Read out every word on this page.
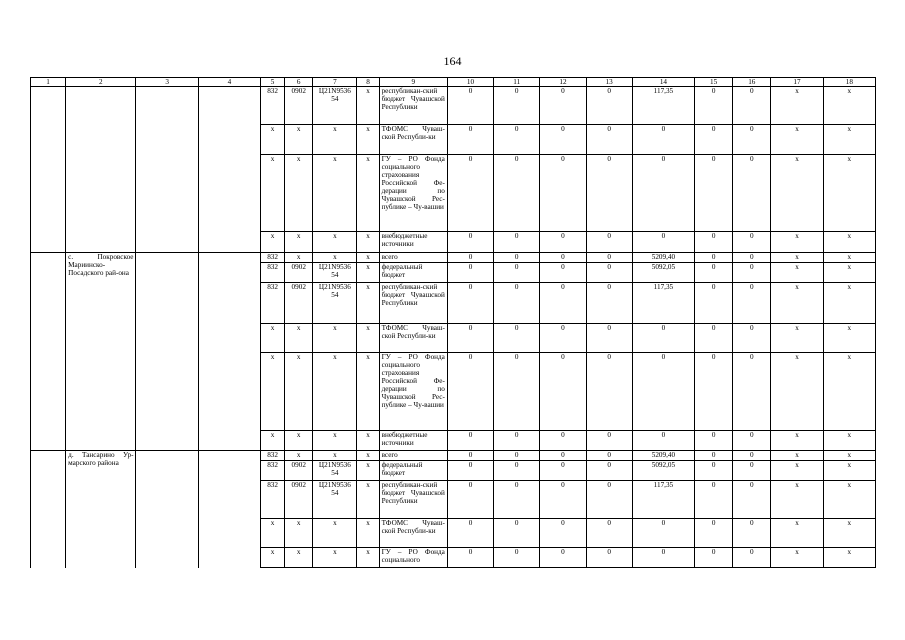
164
1	2	3	4	5	6	7	8	9	10	11	12	13	14	15	16	17	18
				832	0902	Ц21N9536 54	x	республикан-ский бюджет Чувашской Республики	0	0	0	0	117,35	0	0	x	x
				x	x	x	x	ТФОМС Чуваш-ской Республи-ки	0	0	0	0	0	0	0	x	x
				x	x	x	x	ГУ – РО Фонда социального страхования Российской Фе-дерации по Чувашской Рес-публике – Чу-вашии	0	0	0	0	0	0	0	x	x
				x	x	x	x	внебюджетные источники	0	0	0	0	0	0	0	x	x
	с. Покровское Мариинско-Посадского рай-она			832	x	x	x	всего	0	0	0	0	5209,40	0	0	x	x
				832	0902	Ц21N9536 54	x	федеральный бюджет	0	0	0	0	5092,05	0	0	x	x
				832	0902	Ц21N9536 54	x	республикан-ский бюджет Чувашской Республики	0	0	0	0	117,35	0	0	x	x
				x	x	x	x	ТФОМС Чуваш-ской Республи-ки	0	0	0	0	0	0	0	x	x
				x	x	x	x	ГУ – РО Фонда социального страхования Российской Фе-дерации по Чувашской Рес-публике – Чу-вашии	0	0	0	0	0	0	0	x	x
				x	x	x	x	внебюджетные источники	0	0	0	0	0	0	0	x	x
	д. Тансарино Ур-марского района			832	x	x	x	всего	0	0	0	0	5209,40	0	0	x	x
				832	0902	Ц21N9536 54	x	федеральный бюджет	0	0	0	0	5092,05	0	0	x	x
				832	0902	Ц21N9536 54	x	республикан-ский бюджет Чувашской Республики	0	0	0	0	117,35	0	0	x	x
				x	x	x	x	ТФОМС Чуваш-ской Республи-ки	0	0	0	0	0	0	0	x	x
				x	x	x	x	ГУ – РО Фонда социального	0	0	0	0	0	0	0	x	x
